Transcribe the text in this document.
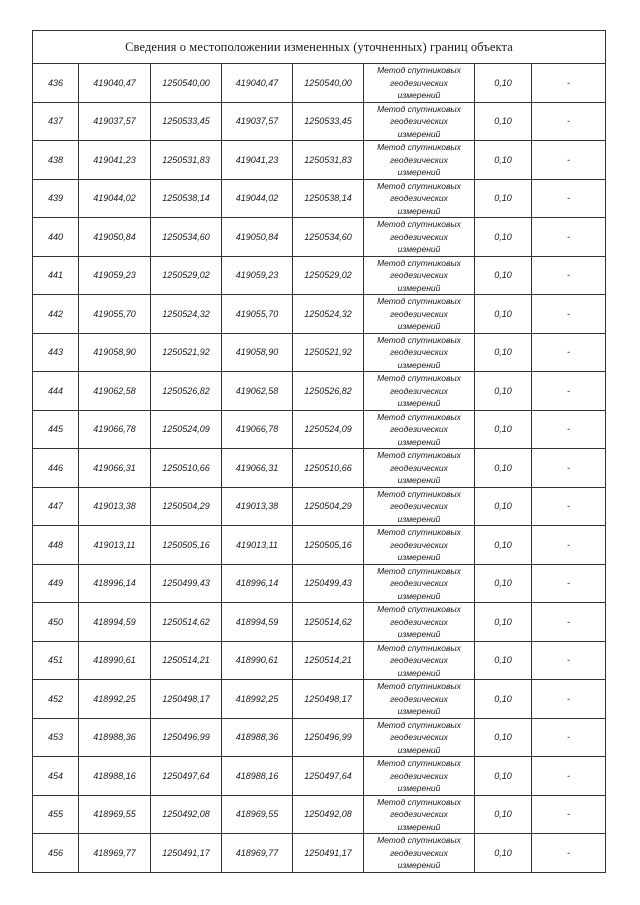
Сведения о местоположении измененных (уточненных) границ объекта							
436	419040,47	1250540,00	419040,47	1250540,00	Метод спутниковых
геодезических
измерений	0,10	-
437	419037,57	1250533,45	419037,57	1250533,45	Метод спутниковых
геодезических
измерений	0,10	-
438	419041,23	1250531,83	419041,23	1250531,83	Метод спутниковых
геодезических
измерений	0,10	-
439	419044,02	1250538,14	419044,02	1250538,14	Метод спутниковых
геодезических
измерений	0,10	-
440	419050,84	1250534,60	419050,84	1250534,60	Метод спутниковых
геодезических
измерений	0,10	-
441	419059,23	1250529,02	419059,23	1250529,02	Метод спутниковых
геодезических
измерений	0,10	-
442	419055,70	1250524,32	419055,70	1250524,32	Метод спутниковых
геодезических
измерений	0,10	-
443	419058,90	1250521,92	419058,90	1250521,92	Метод спутниковых
геодезических
измерений	0,10	-
444	419062,58	1250526,82	419062,58	1250526,82	Метод спутниковых
геодезических
измерений	0,10	-
445	419066,78	1250524,09	419066,78	1250524,09	Метод спутниковых
геодезических
измерений	0,10	-
446	419066,31	1250510,66	419066,31	1250510,66	Метод спутниковых
геодезических
измерений	0,10	-
447	419013,38	1250504,29	419013,38	1250504,29	Метод спутниковых
геодезических
измерений	0,10	-
448	419013,11	1250505,16	419013,11	1250505,16	Метод спутниковых
геодезических
измерений	0,10	-
449	418996,14	1250499,43	418996,14	1250499,43	Метод спутниковых
геодезических
измерений	0,10	-
450	418994,59	1250514,62	418994,59	1250514,62	Метод спутниковых
геодезических
измерений	0,10	-
451	418990,61	1250514,21	418990,61	1250514,21	Метод спутниковых
геодезических
измерений	0,10	-
452	418992,25	1250498,17	418992,25	1250498,17	Метод спутниковых
геодезических
измерений	0,10	-
453	418988,36	1250496,99	418988,36	1250496,99	Метод спутниковых
геодезических
измерений	0,10	-
454	418988,16	1250497,64	418988,16	1250497,64	Метод спутниковых
геодезических
измерений	0,10	-
455	418969,55	1250492,08	418969,55	1250492,08	Метод спутниковых
геодезических
измерений	0,10	-
456	418969,77	1250491,17	418969,77	1250491,17	Метод спутниковых
геодезических
измерений	0,10	-
